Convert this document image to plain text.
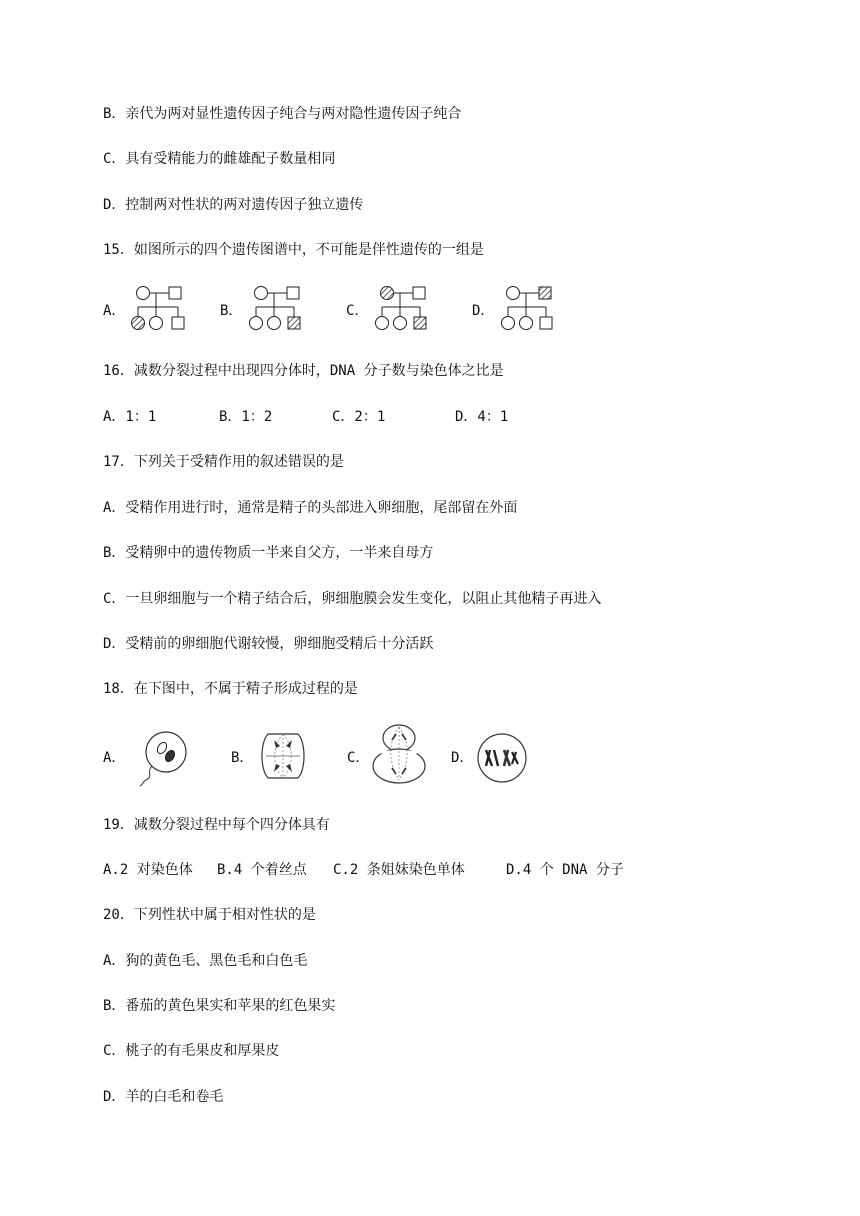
B．亲代为两对显性遗传因子纯合与两对隐性遗传因子纯合
C．具有受精能力的雌雄配子数量相同
D．控制两对性状的两对遗传因子独立遗传
15．如图所示的四个遗传图谱中，不可能是伴性遗传的一组是
A．	B．	C．	D．
16．减数分裂过程中出现四分体时，DNA 分子数与染色体之比是
A．1：1	B．1：2	C．2：1	D．4：1
17．下列关于受精作用的叙述错误的是
A．受精作用进行时，通常是精子的头部进入卵细胞，尾部留在外面
B．受精卵中的遗传物质一半来自父方，一半来自母方
C．一旦卵细胞与一个精子结合后，卵细胞膜会发生变化，以阻止其他精子再进入
D．受精前的卵细胞代谢较慢，卵细胞受精后十分活跃
18．在下图中，不属于精子形成过程的是
A．	B．	C．	D．
19．减数分裂过程中每个四分体具有
A.2 对染色体 B.4 个着丝点 C.2 条姐妹染色单体	D.4 个 DNA 分子
20．下列性状中属于相对性状的是
A．狗的黄色毛、黑色毛和白色毛
B．番茄的黄色果实和苹果的红色果实
C．桃子的有毛果皮和厚果皮
D．羊的白毛和卷毛
